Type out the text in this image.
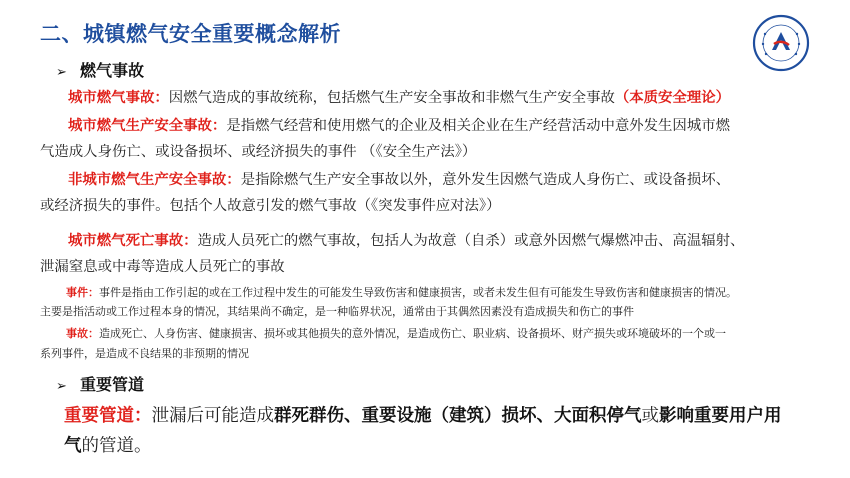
二、城镇燃气安全重要概念解析
➢ 燃气事故
城市燃气事故：因燃气造成的事故统称，包括燃气生产安全事故和非燃气生产安全事故（本质安全理论）
城市燃气生产安全事故：是指燃气经营和使用燃气的企业及相关企业在生产经营活动中意外发生因城市燃
气造成人身伤亡、或设备损坏、或经济损失的事件 （《安全生产法》）
非城市燃气生产安全事故：是指除燃气生产安全事故以外，意外发生因燃气造成人身伤亡、或设备损坏、
或经济损失的事件。包括个人故意引发的燃气事故（《突发事件应对法》）
城市燃气死亡事故：造成人员死亡的燃气事故，包括人为故意（自杀）或意外因燃气爆燃冲击、高温辐射、
泄漏窒息或中毒等造成人员死亡的事故
事件：事件是指由工作引起的或在工作过程中发生的可能发生导致伤害和健康损害，或者未发生但有可能发生导致伤害和健康损害的情况。
主要是指活动或工作过程本身的情况，其结果尚不确定，是一种临界状况，通常由于其偶然因素没有造成损失和伤亡的事件
事故：造成死亡、人身伤害、健康损害、损坏或其他损失的意外情况，是造成伤亡、职业病、设备损坏、财产损失或环境破坏的一个或一
系列事件，是造成不良结果的非预期的情况
➢ 重要管道
重要管道：泄漏后可能造成群死群伤、重要设施（建筑）损坏、大面积停气或影响重要用户用
气的管道。
